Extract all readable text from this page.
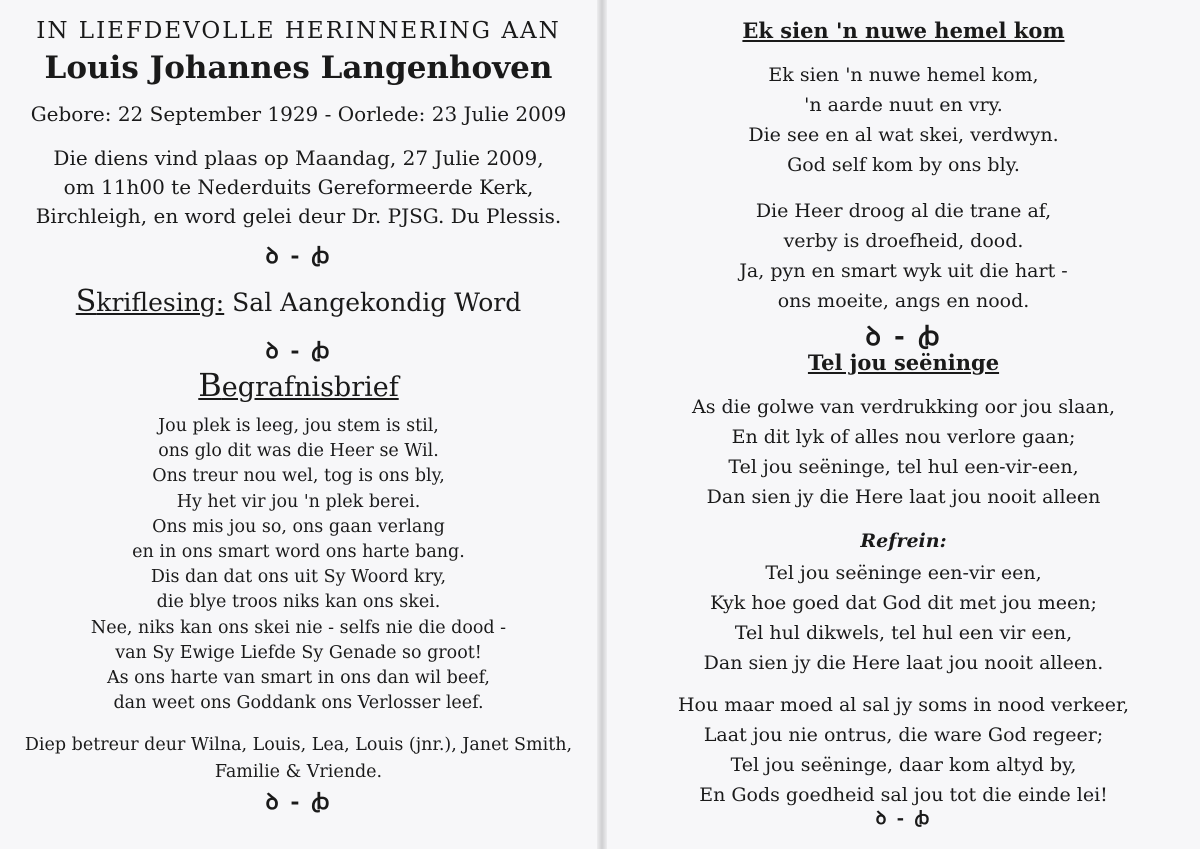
IN LIEFDEVOLLE HERINNERING AAN
Louis Johannes Langenhoven
Gebore: 22 September 1929 - Oorlede: 23 Julie 2009
Die diens vind plaas op Maandag, 27 Julie 2009,
om 11h00 te Nederduits Gereformeerde Kerk,
Birchleigh, en word gelei deur Dr. PJSG. Du Plessis.
ꝺ - ꞗ
Skriflesing: Sal Aangekondig Word
ꝺ - ꞗ
Begrafnisbrief
Jou plek is leeg, jou stem is stil,
ons glo dit was die Heer se Wil.
Ons treur nou wel, tog is ons bly,
Hy het vir jou 'n plek berei.
Ons mis jou so, ons gaan verlang
en in ons smart word ons harte bang.
Dis dan dat ons uit Sy Woord kry,
die blye troos niks kan ons skei.
Nee, niks kan ons skei nie - selfs nie die dood -
van Sy Ewige Liefde Sy Genade so groot!
As ons harte van smart in ons dan wil beef,
dan weet ons Goddank ons Verlosser leef.
Diep betreur deur Wilna, Louis, Lea, Louis (jnr.), Janet Smith,
Familie & Vriende.
ꝺ - ꞗ
Ek sien 'n nuwe hemel kom
Ek sien 'n nuwe hemel kom,
'n aarde nuut en vry.
Die see en al wat skei, verdwyn.
God self kom by ons bly.
Die Heer droog al die trane af,
verby is droefheid, dood.
Ja, pyn en smart wyk uit die hart -
ons moeite, angs en nood.
ꝺ - ꞗ
Tel jou seëninge
As die golwe van verdrukking oor jou slaan,
En dit lyk of alles nou verlore gaan;
Tel jou seëninge, tel hul een-vir-een,
Dan sien jy die Here laat jou nooit alleen
Refrein:
Tel jou seëninge een-vir een,
Kyk hoe goed dat God dit met jou meen;
Tel hul dikwels, tel hul een vir een,
Dan sien jy die Here laat jou nooit alleen.
Hou maar moed al sal jy soms in nood verkeer,
Laat jou nie ontrus, die ware God regeer;
Tel jou seëninge, daar kom altyd by,
En Gods goedheid sal jou tot die einde lei!
ꝺ - ꞗ
